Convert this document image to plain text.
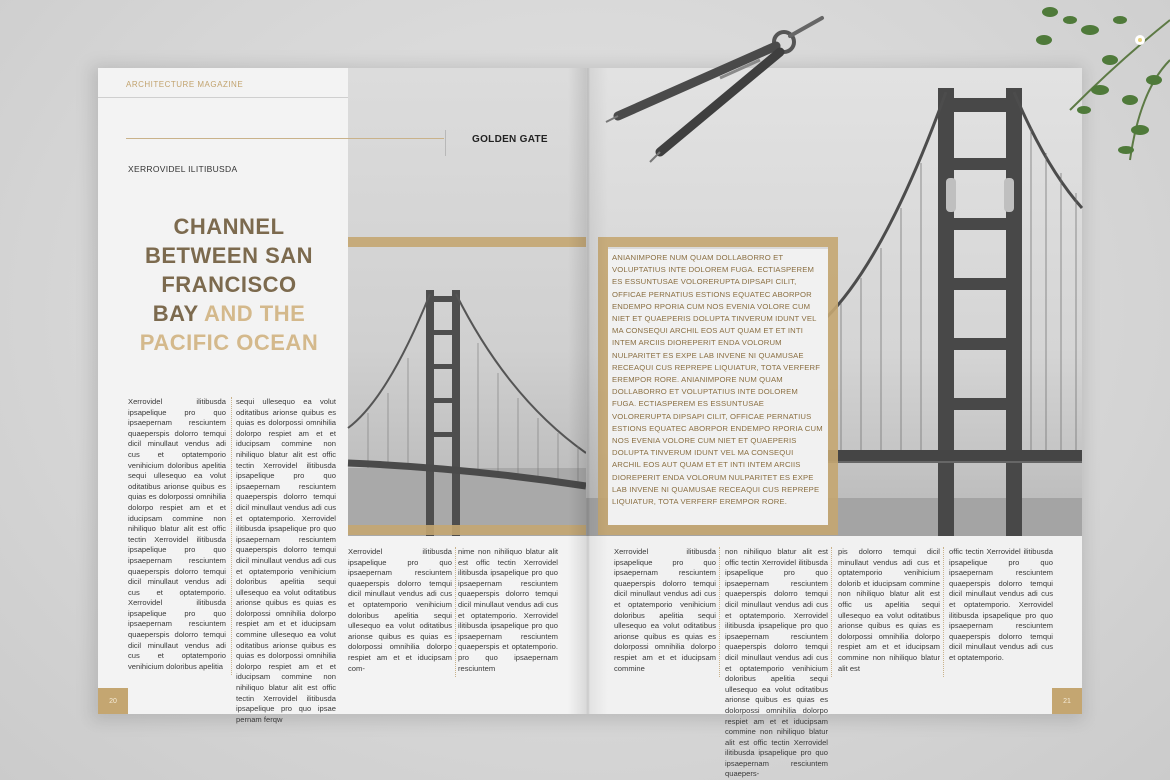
ARCHITECTURE MAGAZINE
GOLDEN GATE
XERROVIDEL ILITIBUSDA
CHANNEL
BETWEEN SAN
FRANCISCO
BAY AND THE
PACIFIC OCEAN
Xerrovidel ilitibusda ipsapelique pro quo ipsaepernam resciuntem quaeperspis dolorro temqui dicil minullaut vendus adi cus et optatemporio venihicium doloribus apelitia sequi ullesequo ea volut oditatibus arionse quibus es quias es dolorpossi omnihilia dolorpo respiet am et et iducipsam commine non nihiliquo blatur alit est offic tectin Xerrovidel ilitibusda ipsapelique pro quo ipsaepernam resciuntem quaeperspis dolorro temqui dicil minullaut vendus adi cus et optatemporio. Xerrovidel ilitibusda ipsapelique pro quo ipsaepernam resciuntem quaeperspis dolorro temqui dicil minullaut vendus adi cus et optatemporio venihicium doloribus apelitia
sequi ullesequo ea volut oditatibus arionse quibus es quias es dolorpossi omnihilia dolorpo respiet am et et iducipsam commine non nihiliquo blatur alit est offic tectin Xerrovidel ilitibusda ipsapelique pro quo ipsaepernam resciuntem quaeperspis dolorro temqui dicil minullaut vendus adi cus et optatemporio. Xerrovidel ilitibusda ipsapelique pro quo ipsaepernam resciuntem quaeperspis dolorro temqui dicil minullaut vendus adi cus et optatemporio venihicium doloribus apelitia sequi ullesequo ea volut oditatibus arionse quibus es quias es dolorpossi omnihilia dolorpo respiet am et et iducipsam commine ullesequo ea volut oditatibus arionse quibus es quias es dolorpossi omnihilia dolorpo respiet am et et iducipsam commine non nihiliquo blatur alit est offic tectin Xerrovidel ilitibusda ipsapelique pro quo ipsae pernam ferqw
Xerrovidel ilitibusda ipsapelique pro quo ipsaepernam resciuntem quaeperspis dolorro temqui dicil minullaut vendus adi cus et optatemporio venihicium doloribus apelitia sequi ullesequo ea volut oditatibus arionse quibus es quias es dolorpossi omnihilia dolorpo respiet am et et iducipsam com-
nime non nihiliquo blatur alit est offic tectin Xerrovidel ilitibusda ipsapelique pro quo ipsaepernam resciuntem quaeperspis dolorro temqui dicil minullaut vendus adi cus et optatemporio. Xerrovidel ilitibusda ipsapelique pro quo ipsaepernam resciuntem quaeperspis et optatemporio. pro quo ipsaepernam resciuntem
20
ANIANIMPORE NUM QUAM DOLLABORRO ET VOLUPTATIUS INTE DOLOREM FUGA. ECTIASPEREM ES ESSUNTUSAE VOLORERUPTA DIPSAPI CILIT, OFFICAE PERNATIUS ESTIONS EQUATEC ABORPOR ENDEMPO RPORIA CUM NOS EVENIA VOLORE CUM NIET ET QUAEPERIS DOLUPTA TINVERUM IDUNT VEL MA CONSEQUI ARCHIL EOS AUT QUAM ET ET INTI INTEM ARCIIS DIOREPERIT ENDA VOLORUM NULPARITET ES EXPE LAB INVENE NI QUAMUSAE RECEAQUI CUS REPREPE LIQUIATUR, TOTA VERFERF EREMPOR RORE. ANIANIMPORE NUM QUAM DOLLABORRO ET VOLUPTATIUS INTE DOLOREM FUGA. ECTIASPEREM ES ESSUNTUSAE VOLORERUPTA DIPSAPI CILIT, OFFICAE PERNATIUS ESTIONS EQUATEC ABORPOR ENDEMPO RPORIA CUM NOS EVENIA VOLORE CUM NIET ET QUAEPERIS DOLUPTA TINVERUM IDUNT VEL MA CONSEQUI ARCHIL EOS AUT QUAM ET ET INTI INTEM ARCIIS DIOREPERIT ENDA VOLORUM NULPARITET ES EXPE LAB INVENE NI QUAMUSAE RECEAQUI CUS REPREPE LIQUIATUR, TOTA VERFERF EREMPOR RORE.
Xerrovidel ilitibusda ipsapelique pro quo ipsaepernam resciuntem quaeperspis dolorro temqui dicil minullaut vendus adi cus et optatemporio venihicium doloribus apelitia sequi ullesequo ea volut oditatibus arionse quibus es quias es dolorpossi omnihilia dolorpo respiet am et et iducipsam commine
non nihiliquo blatur alit est offic tectin Xerrovidel ilitibusda ipsapelique pro quo ipsaepernam resciuntem quaeperspis dolorro temqui dicil minullaut vendus adi cus et optatemporio. Xerrovidel ilitibusda ipsapelique pro quo ipsaepernam resciuntem quaeperspis dolorro temqui dicil minullaut vendus adi cus et optatemporio venihicium doloribus apelitia sequi ullesequo ea volut oditatibus arionse quibus es quias es dolorpossi omnihilia dolorpo respiet am et et iducipsam commine non nihiliquo blatur alit est offic tectin Xerrovidel ilitibusda ipsapelique pro quo ipsaepernam resciuntem quaepers-
pis dolorro temqui dicil minullaut vendus adi cus et optatemporio venihicium dolorib et iducipsam commine non nihiliquo blatur alit est offic us apelitia sequi ullesequo ea volut oditatibus arionse quibus es quias es dolorpossi omnihilia dolorpo respiet am et et iducipsam commine non nihiliquo blatur alit est
offic tectin Xerrovidel ilitibusda ipsapelique pro quo ipsaepernam resciuntem quaeperspis dolorro temqui dicil minullaut vendus adi cus et optatemporio. Xerrovidel ilitibusda ipsapelique pro quo ipsaepernam resciuntem quaeperspis dolorro temqui dicil minullaut vendus adi cus et optatemporio.
21
